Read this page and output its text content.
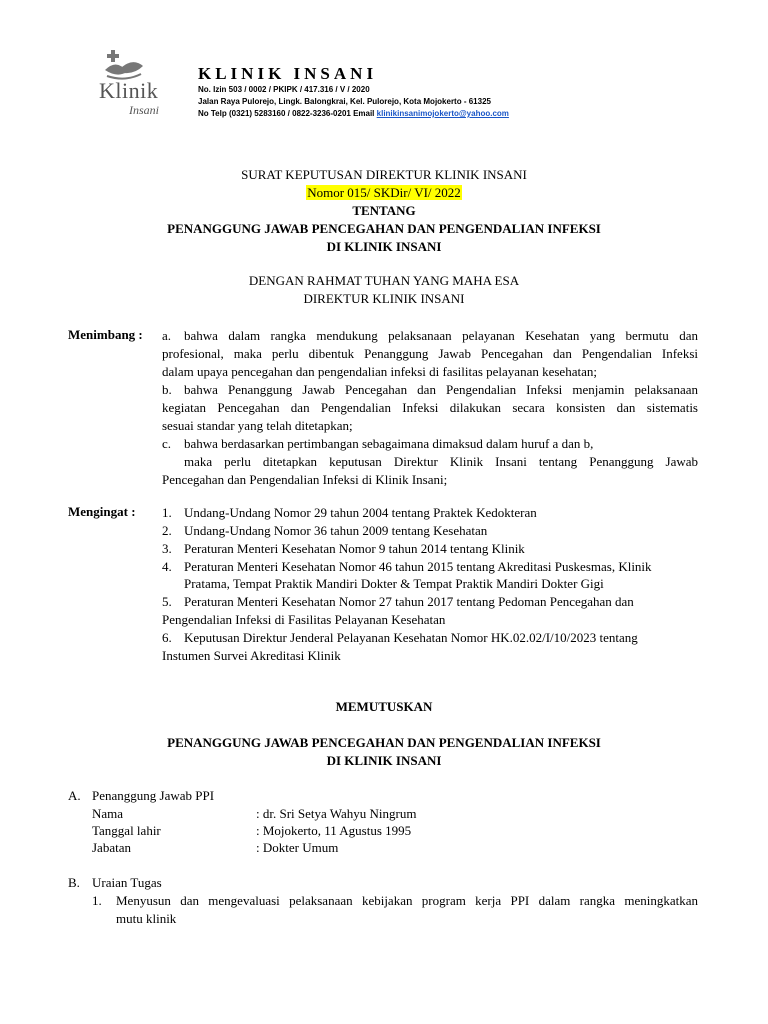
Klinik
Insani
KLINIK INSANI
No. Izin 503 / 0002 / PKIPK / 417.316 / V / 2020
Jalan Raya Pulorejo, Lingk. Balongkrai, Kel. Pulorejo, Kota Mojokerto - 61325
No Telp (0321) 5283160 / 0822-3236-0201 Email klinikinsanimojokerto@yahoo.com
SURAT KEPUTUSAN DIREKTUR KLINIK INSANI
Nomor 015/ SKDir/ VI/ 2022
TENTANG
PENANGGUNG JAWAB PENCEGAHAN DAN PENGENDALIAN INFEKSI
DI KLINIK INSANI
DENGAN RAHMAT TUHAN YANG MAHA ESA
DIREKTUR KLINIK INSANI
Menimbang : a. bahwa dalam rangka mendukung pelaksanaan pelayanan Kesehatan yang bermutu dan
profesional, maka perlu dibentuk Penanggung Jawab Pencegahan dan Pengendalian Infeksi
dalam upaya pencegahan dan pengendalian infeksi di fasilitas pelayanan kesehatan;
b. bahwa Penanggung Jawab Pencegahan dan Pengendalian Infeksi menjamin pelaksanaan
kegiatan Pencegahan dan Pengendalian Infeksi dilakukan secara konsisten dan sistematis
sesuai standar yang telah ditetapkan;
c. bahwa berdasarkan pertimbangan sebagaimana dimaksud dalam huruf a dan b,
maka perlu ditetapkan keputusan Direktur Klinik Insani tentang Penanggung Jawab
Pencegahan dan Pengendalian Infeksi di Klinik Insani;
Mengingat : 1. Undang-Undang Nomor 29 tahun 2004 tentang Praktek Kedokteran
2. Undang-Undang Nomor 36 tahun 2009 tentang Kesehatan
3. Peraturan Menteri Kesehatan Nomor 9 tahun 2014 tentang Klinik
4. Peraturan Menteri Kesehatan Nomor 46 tahun 2015 tentang Akreditasi Puskesmas, Klinik
Pratama, Tempat Praktik Mandiri Dokter & Tempat Praktik Mandiri Dokter Gigi
5. Peraturan Menteri Kesehatan Nomor 27 tahun 2017 tentang Pedoman Pencegahan dan
Pengendalian Infeksi di Fasilitas Pelayanan Kesehatan
6. Keputusan Direktur Jenderal Pelayanan Kesehatan Nomor HK.02.02/I/10/2023 tentang
Instumen Survei Akreditasi Klinik
MEMUTUSKAN
PENANGGUNG JAWAB PENCEGAHAN DAN PENGENDALIAN INFEKSI
DI KLINIK INSANI
A. Penanggung Jawab PPI
Nama	: dr. Sri Setya Wahyu Ningrum
Tanggal lahir	: Mojokerto, 11 Agustus 1995
Jabatan	: Dokter Umum
B. Uraian Tugas
1. Menyusun dan mengevaluasi pelaksanaan kebijakan program kerja PPI dalam rangka meningkatkan
mutu klinik
